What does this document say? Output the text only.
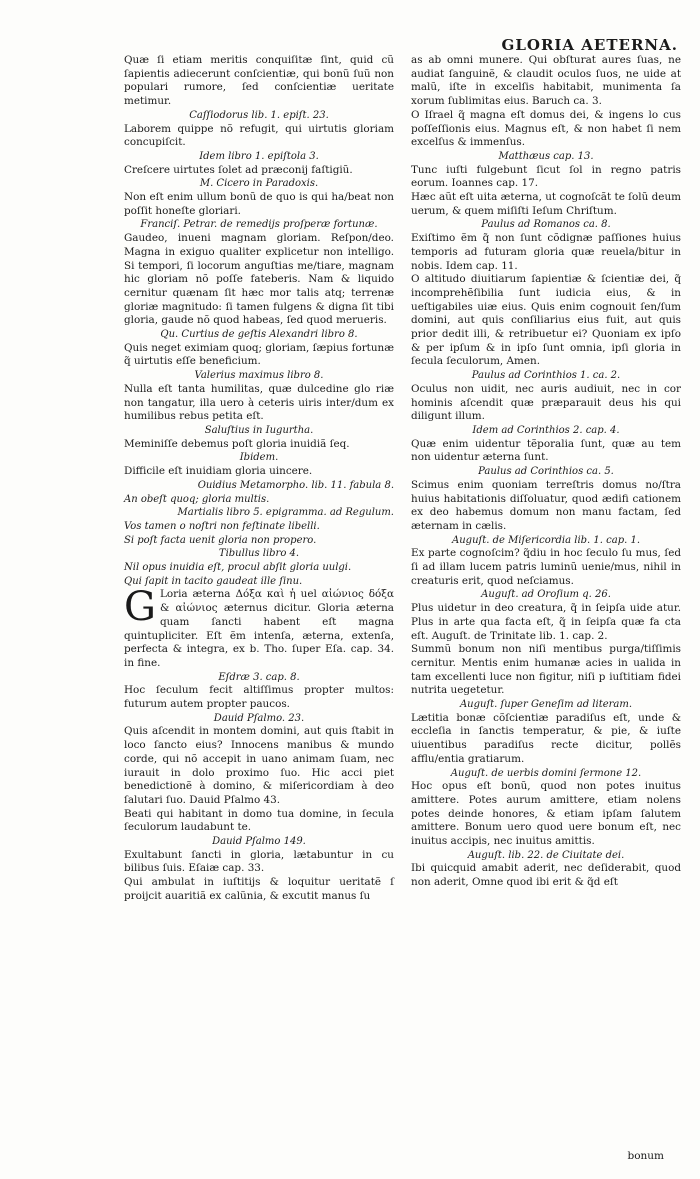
GLORIA AETERNA.

Quæ ſi etiam meritis conquiſitæ ſint, quid cũ ſapientis adiecerunt conſcientiæ, qui bonũ ſuũ non populari rumore, ſed conſcientiæ ueritate metimur.

Caſſiodorus lib. 1. epiſt. 23.

Laborem quippe nõ refugit, qui uirtutis gloriam concupiſcit.

Idem libro 1. epiſtola 3.

Creſcere uirtutes ſolet ad præconij faſtigiũ.

M. Cicero in Paradoxis.

Non eſt enim ullum bonũ de quo is qui ha/beat non poſſit honeſte gloriari.

Franciſ. Petrar. de remedijs proſperæ fortunæ.

Gaudeo, inueni magnam gloriam. Reſpon/deo. Magna in exiguo qualiter explicetur non intelligo. Si tempori, ſi locorum anguſtias me/tiare, magnam hic gloriam nõ poſſe fateberis. Nam & liquido cernitur quænam ſit hæc mor talis atq; terrenæ gloriæ magnitudo: ſi tamen fulgens & digna ſit tibi gloria, gaude nõ quod habeas, ſed quod merueris.

Qu. Curtius de geſtis Alexandri libro 8.

Quis neget eximiam quoq; gloriam, ſæpius fortunæ q̃ uirtutis eſſe beneficium.

Valerius maximus libro 8.

Nulla eſt tanta humilitas, quæ dulcedine glo riæ non tangatur, illa uero à ceteris uiris inter/dum ex humilibus rebus petita eſt.

Saluſtius in Iugurtha.

Meminiſſe debemus poſt gloria inuidiã ſeq.

Ibidem.

Difficile eſt inuidiam gloria uincere.

Ouidius Metamorpho. lib. 11. fabula 8.

An obeſt quoq; gloria multis.

Martialis libro 5. epigramma. ad Regulum.

Vos tamen o noſtri non feſtinate libelli.

Si poſt facta uenit gloria non propero.

Tibullus libro 4.

Nil opus inuidia eſt, procul abſit gloria uulgi.

Qui ſapit in tacito gaudeat ille ſinu.

G Loria æterna Δόξα καὶ ἡ uel αἰώνιος δόξα & αἰώνιος æternus dicitur. Gloria æterna quam ſancti habent eſt magna quintupliciter. Eſt ẽm intenſa, æterna, extenſa, perfecta & integra, ex b. Tho. ſuper Eſa. cap. 34. in fine.

Eſdræ 3. cap. 8.

Hoc ſeculum fecit altiſſimus propter multos: futurum autem propter paucos.

Dauid Pſalmo. 23.

Quis aſcendit in montem domini, aut quis ſtabit in loco ſancto eius? Innocens manibus & mundo corde, qui nõ accepit in uano animam ſuam, nec iurauit in dolo proximo ſuo. Hic acci piet benedictionẽ à domino, & miſericordiam à deo ſalutari ſuo. Dauid Pſalmo 43.

Beati qui habitant in domo tua domine, in ſecula ſeculorum laudabunt te.

Dauid Pſalmo 149.

Exultabunt ſancti in gloria, lætabuntur in cu bilibus ſuis. Eſaiæ cap. 33.

Qui ambulat in iuſtitijs & loquitur ueritatẽ ſ proijcit auaritiã ex calũnia, & excutit manus ſu

as ab omni munere. Qui obſturat aures ſuas, ne audiat ſanguinẽ, & claudit oculos ſuos, ne uide at malũ, iſte in excelſis habitabit, munimenta ſa xorum ſublimitas eius. Baruch ca. 3.

O Iſrael q̃ magna eſt domus dei, & ingens lo cus poſſeſſionis eius. Magnus eſt, & non habet ſi nem excelſus & immenſus.

Matthæus cap. 13.

Tunc iuſti fulgebunt ſicut ſol in regno patris eorum. Ioannes cap. 17.

Hæc aũt eſt uita æterna, ut cognoſcãt te ſolũ deum uerum, & quem miſiſti Ieſum Chriſtum.

Paulus ad Romanos ca. 8.

Exiſtimo ẽm q̃ non ſunt cõdignæ paſſiones huius temporis ad futuram gloria quæ reuela/bitur in nobis. Idem cap. 11.

O altitudo diuitiarum ſapientiæ & ſcientiæ dei, q̃ incomprehẽſibilia ſunt iudicia eius, & in ueſtigabiles uiæ eius. Quis enim cognouit ſen/ſum domini, aut quis conſiliarius eius fuit, aut quis prior dedit illi, & retribuetur ei? Quoniam ex ipſo & per ipſum & in ipſo ſunt omnia, ipſi gloria in ſecula ſeculorum, Amen.

Paulus ad Corinthios 1. ca. 2.

Oculus non uidit, nec auris audiuit, nec in cor hominis aſcendit quæ præparauit deus his qui diligunt illum.

Idem ad Corinthios 2. cap. 4.

Quæ enim uidentur tẽporalia ſunt, quæ au tem non uidentur æterna ſunt.

Paulus ad Corinthios ca. 5.

Scimus enim quoniam terreſtris domus no/ſtra huius habitationis diſſoluatur, quod ædifi cationem ex deo habemus domum non manu factam, ſed æternam in cælis.

Auguſt. de Miſericordia lib. 1. cap. 1.

Ex parte cognoſcim? q̃diu in hoc ſeculo ſu mus, ſed ſi ad illam lucem patris luminũ uenie/mus, nihil in creaturis erit, quod neſciamus.

Auguſt. ad Oroſium q. 26.

Plus uidetur in deo creatura, q̃ in ſeipſa uide atur. Plus in arte qua facta eſt, q̃ in ſeipſa quæ fa cta eſt. Auguſt. de Trinitate lib. 1. cap. 2.

Summũ bonum non niſi mentibus purga/tiſſimis cernitur. Mentis enim humanæ acies in ualida in tam excellenti luce non figitur, niſi p iuſtitiam fidei nutrita uegetetur.

Auguſt. ſuper Geneſim ad literam.

Lætitia bonæ cõſcientiæ paradiſus eſt, unde & eccleſia in ſanctis temperatur, & pie, & iuſte uiuentibus paradiſus recte dicitur, pollẽs afflu/entia gratiarum.

Auguſt. de uerbis domini ſermone 12.

Hoc opus eſt bonũ, quod non potes inuitus amittere. Potes aurum amittere, etiam nolens potes deinde honores, & etiam ipſam ſalutem amittere. Bonum uero quod uere bonum eſt, nec inuitus accipis, nec inuitus amittis.

Auguſt. lib. 22. de Ciuitate dei.

Ibi quicquid amabit aderit, nec deſiderabit, quod non aderit, Omne quod ibi erit & q̃d eſt

bonum
